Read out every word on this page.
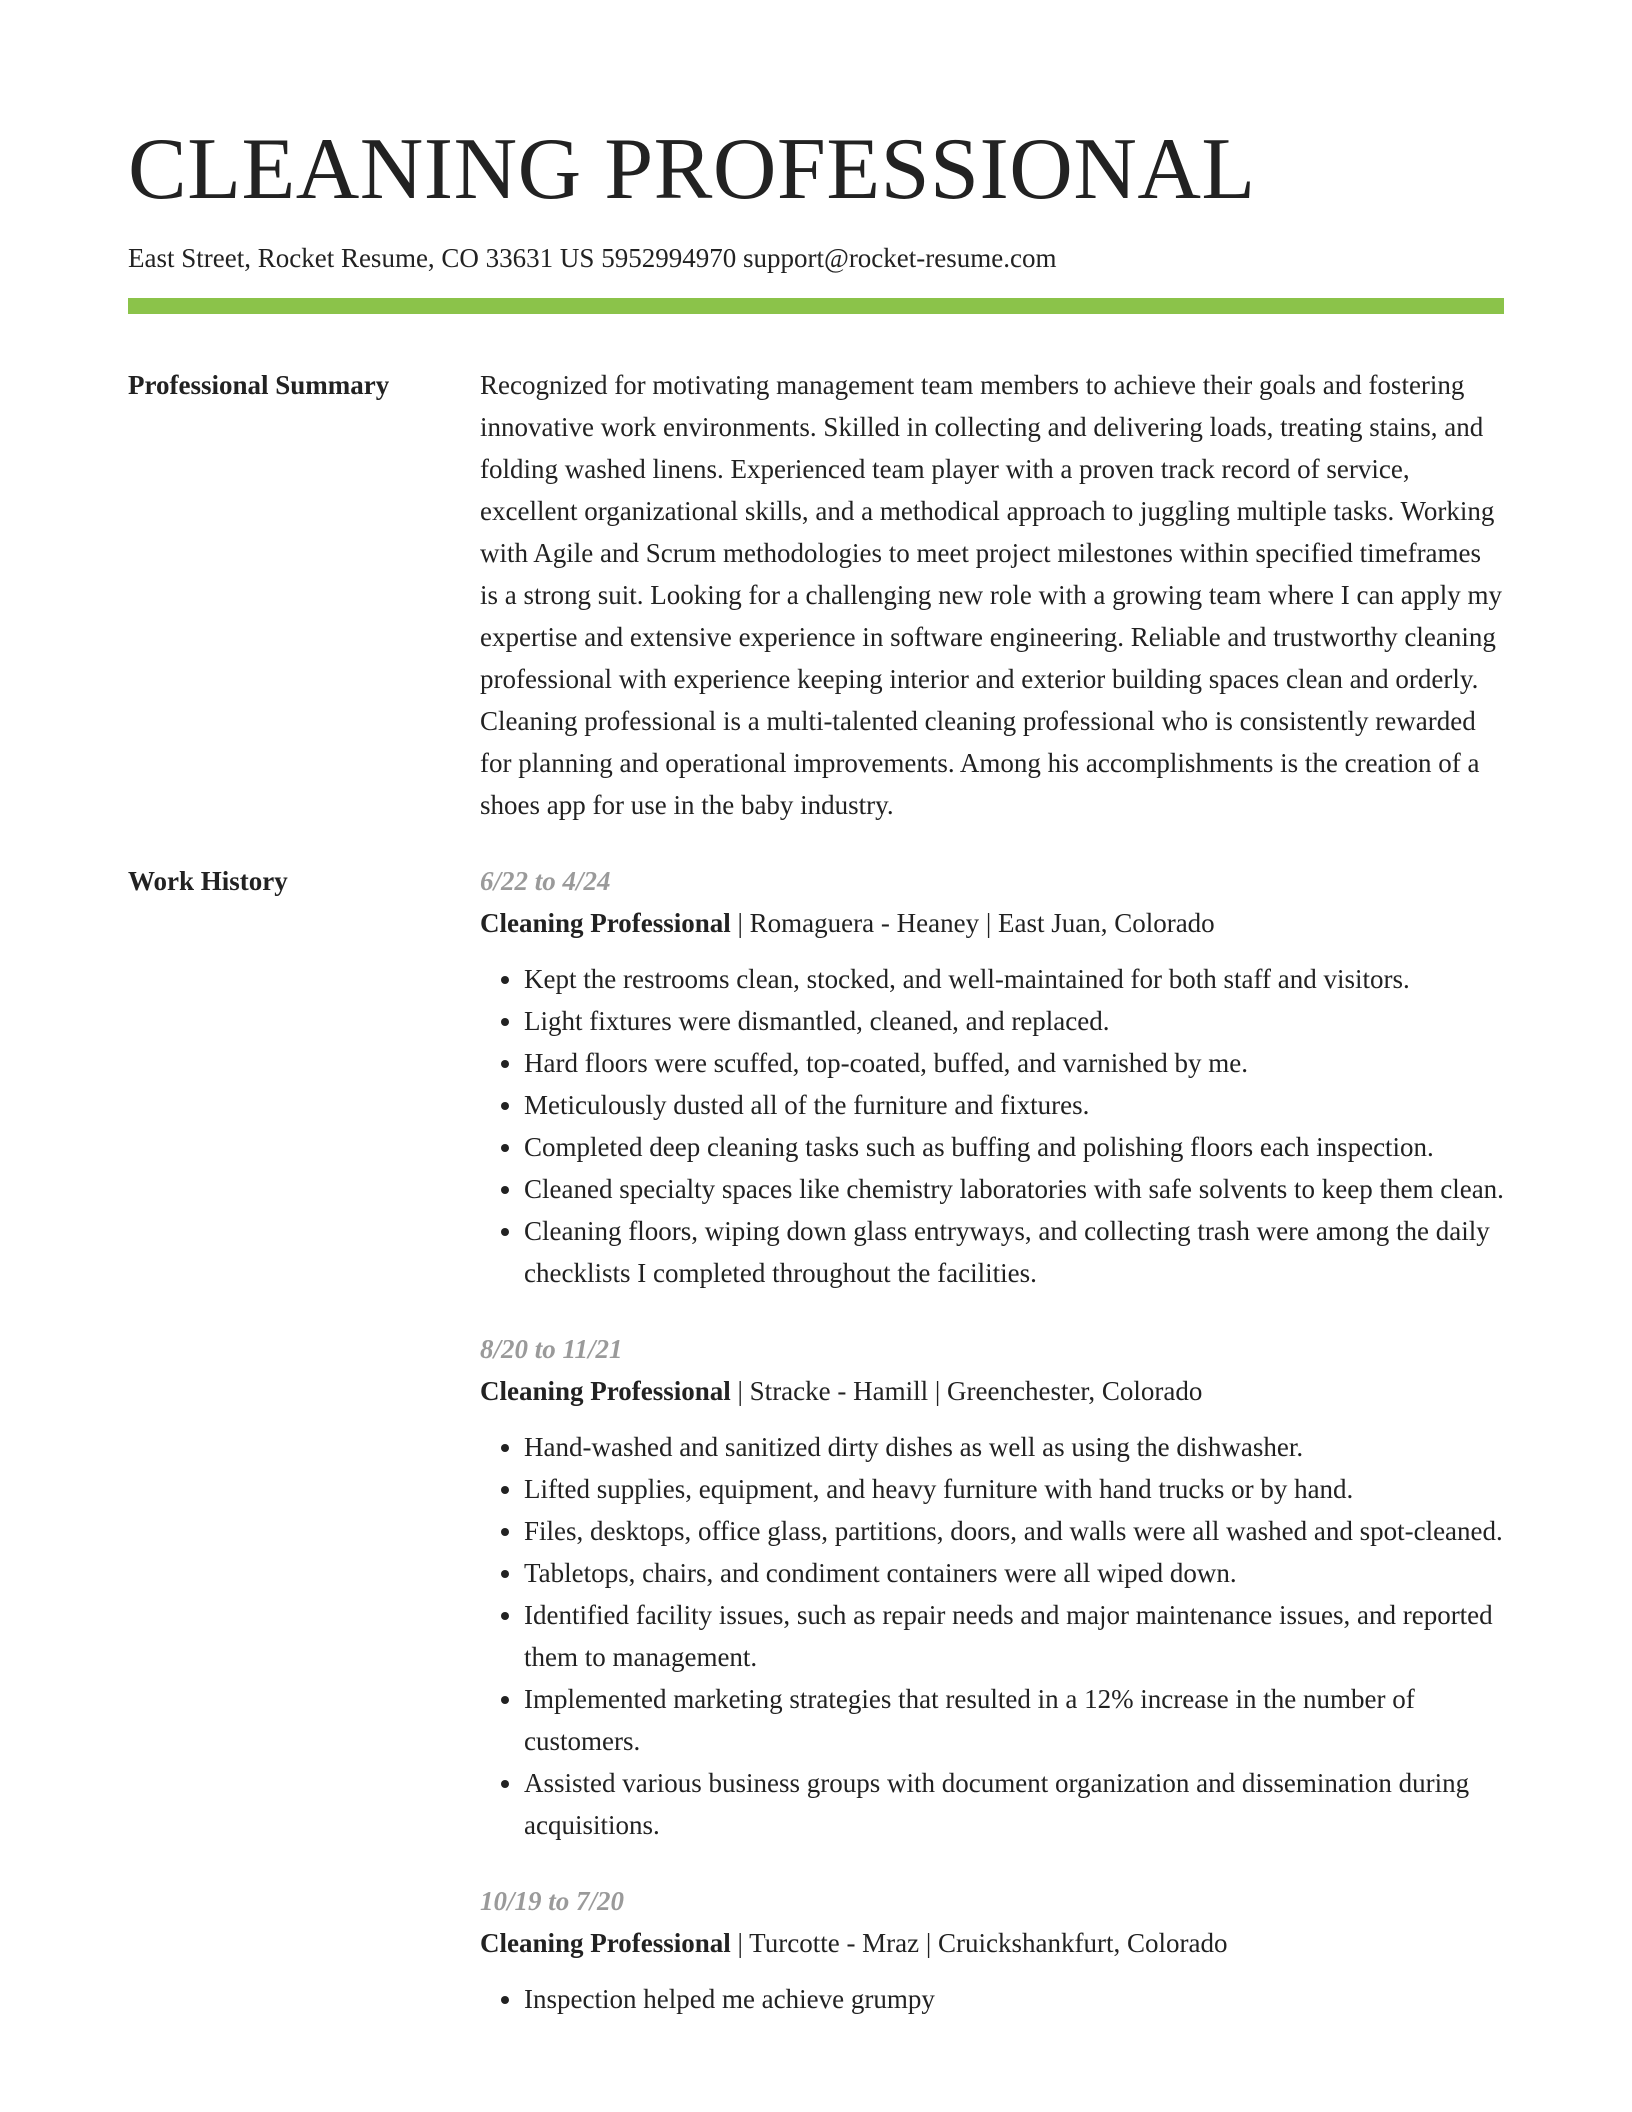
CLEANING PROFESSIONAL
East Street, Rocket Resume, CO 33631 US 5952994970 support@rocket-resume.com
Professional Summary	Recognized for motivating management team members to achieve their goals and fostering innovative work environments. Skilled in collecting and delivering loads, treating stains, and folding washed linens. Experienced team player with a proven track record of service, excellent organizational skills, and a methodical approach to juggling multiple tasks. Working with Agile and Scrum methodologies to meet project milestones within specified timeframes is a strong suit. Looking for a challenging new role with a growing team where I can apply my expertise and extensive experience in software engineering. Reliable and trustworthy cleaning professional with experience keeping interior and exterior building spaces clean and orderly. Cleaning professional is a multi-talented cleaning professional who is consistently rewarded for planning and operational improvements. Among his accomplishments is the creation of a shoes app for use in the baby industry.

Work History	6/22 to 4/24
Cleaning Professional | Romaguera - Heaney | East Juan, Colorado
• Kept the restrooms clean, stocked, and well-maintained for both staff and visitors.
• Light fixtures were dismantled, cleaned, and replaced.
• Hard floors were scuffed, top-coated, buffed, and varnished by me.
• Meticulously dusted all of the furniture and fixtures.
• Completed deep cleaning tasks such as buffing and polishing floors each inspection.
• Cleaned specialty spaces like chemistry laboratories with safe solvents to keep them clean.
• Cleaning floors, wiping down glass entryways, and collecting trash were among the daily checklists I completed throughout the facilities.
8/20 to 11/21
Cleaning Professional | Stracke - Hamill | Greenchester, Colorado
• Hand-washed and sanitized dirty dishes as well as using the dishwasher.
• Lifted supplies, equipment, and heavy furniture with hand trucks or by hand.
• Files, desktops, office glass, partitions, doors, and walls were all washed and spot-cleaned.
• Tabletops, chairs, and condiment containers were all wiped down.
• Identified facility issues, such as repair needs and major maintenance issues, and reported them to management.
• Implemented marketing strategies that resulted in a 12% increase in the number of customers.
• Assisted various business groups with document organization and dissemination during acquisitions.
10/19 to 7/20
Cleaning Professional | Turcotte - Mraz | Cruickshankfurt, Colorado
• Inspection helped me achieve grumpy
